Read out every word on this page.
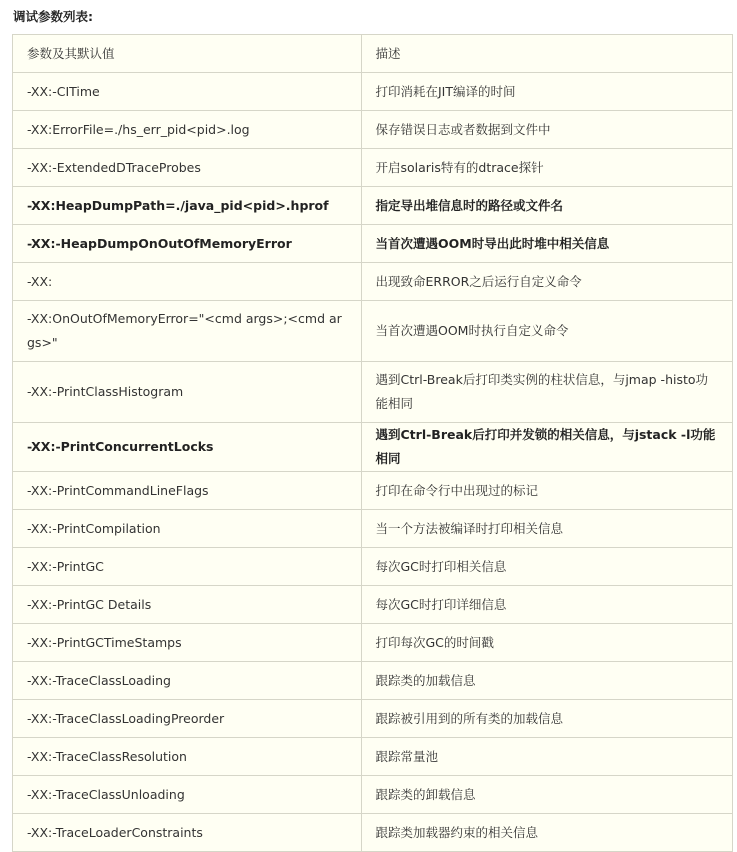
调试参数列表:
参数及其默认值	描述
-XX:-CITime	打印消耗在JIT编译的时间
-XX:ErrorFile=./hs_err_pid<pid>.log	保存错误日志或者数据到文件中
-XX:-ExtendedDTraceProbes	开启solaris特有的dtrace探针
-XX:HeapDumpPath=./java_pid<pid>.hprof	指定导出堆信息时的路径或文件名
-XX:-HeapDumpOnOutOfMemoryError	当首次遭遇OOM时导出此时堆中相关信息
-XX:	出现致命ERROR之后运行自定义命令
-XX:OnOutOfMemoryError="<cmd args>;<cmd args>"	当首次遭遇OOM时执行自定义命令
-XX:-PrintClassHistogram	遇到Ctrl-Break后打印类实例的柱状信息，与jmap -histo功能相同
-XX:-PrintConcurrentLocks	遇到Ctrl-Break后打印并发锁的相关信息，与jstack -l功能相同
-XX:-PrintCommandLineFlags	打印在命令行中出现过的标记
-XX:-PrintCompilation	当一个方法被编译时打印相关信息
-XX:-PrintGC	每次GC时打印相关信息
-XX:-PrintGC Details	每次GC时打印详细信息
-XX:-PrintGCTimeStamps	打印每次GC的时间戳
-XX:-TraceClassLoading	跟踪类的加载信息
-XX:-TraceClassLoadingPreorder	跟踪被引用到的所有类的加载信息
-XX:-TraceClassResolution	跟踪常量池
-XX:-TraceClassUnloading	跟踪类的卸载信息
-XX:-TraceLoaderConstraints	跟踪类加载器约束的相关信息
